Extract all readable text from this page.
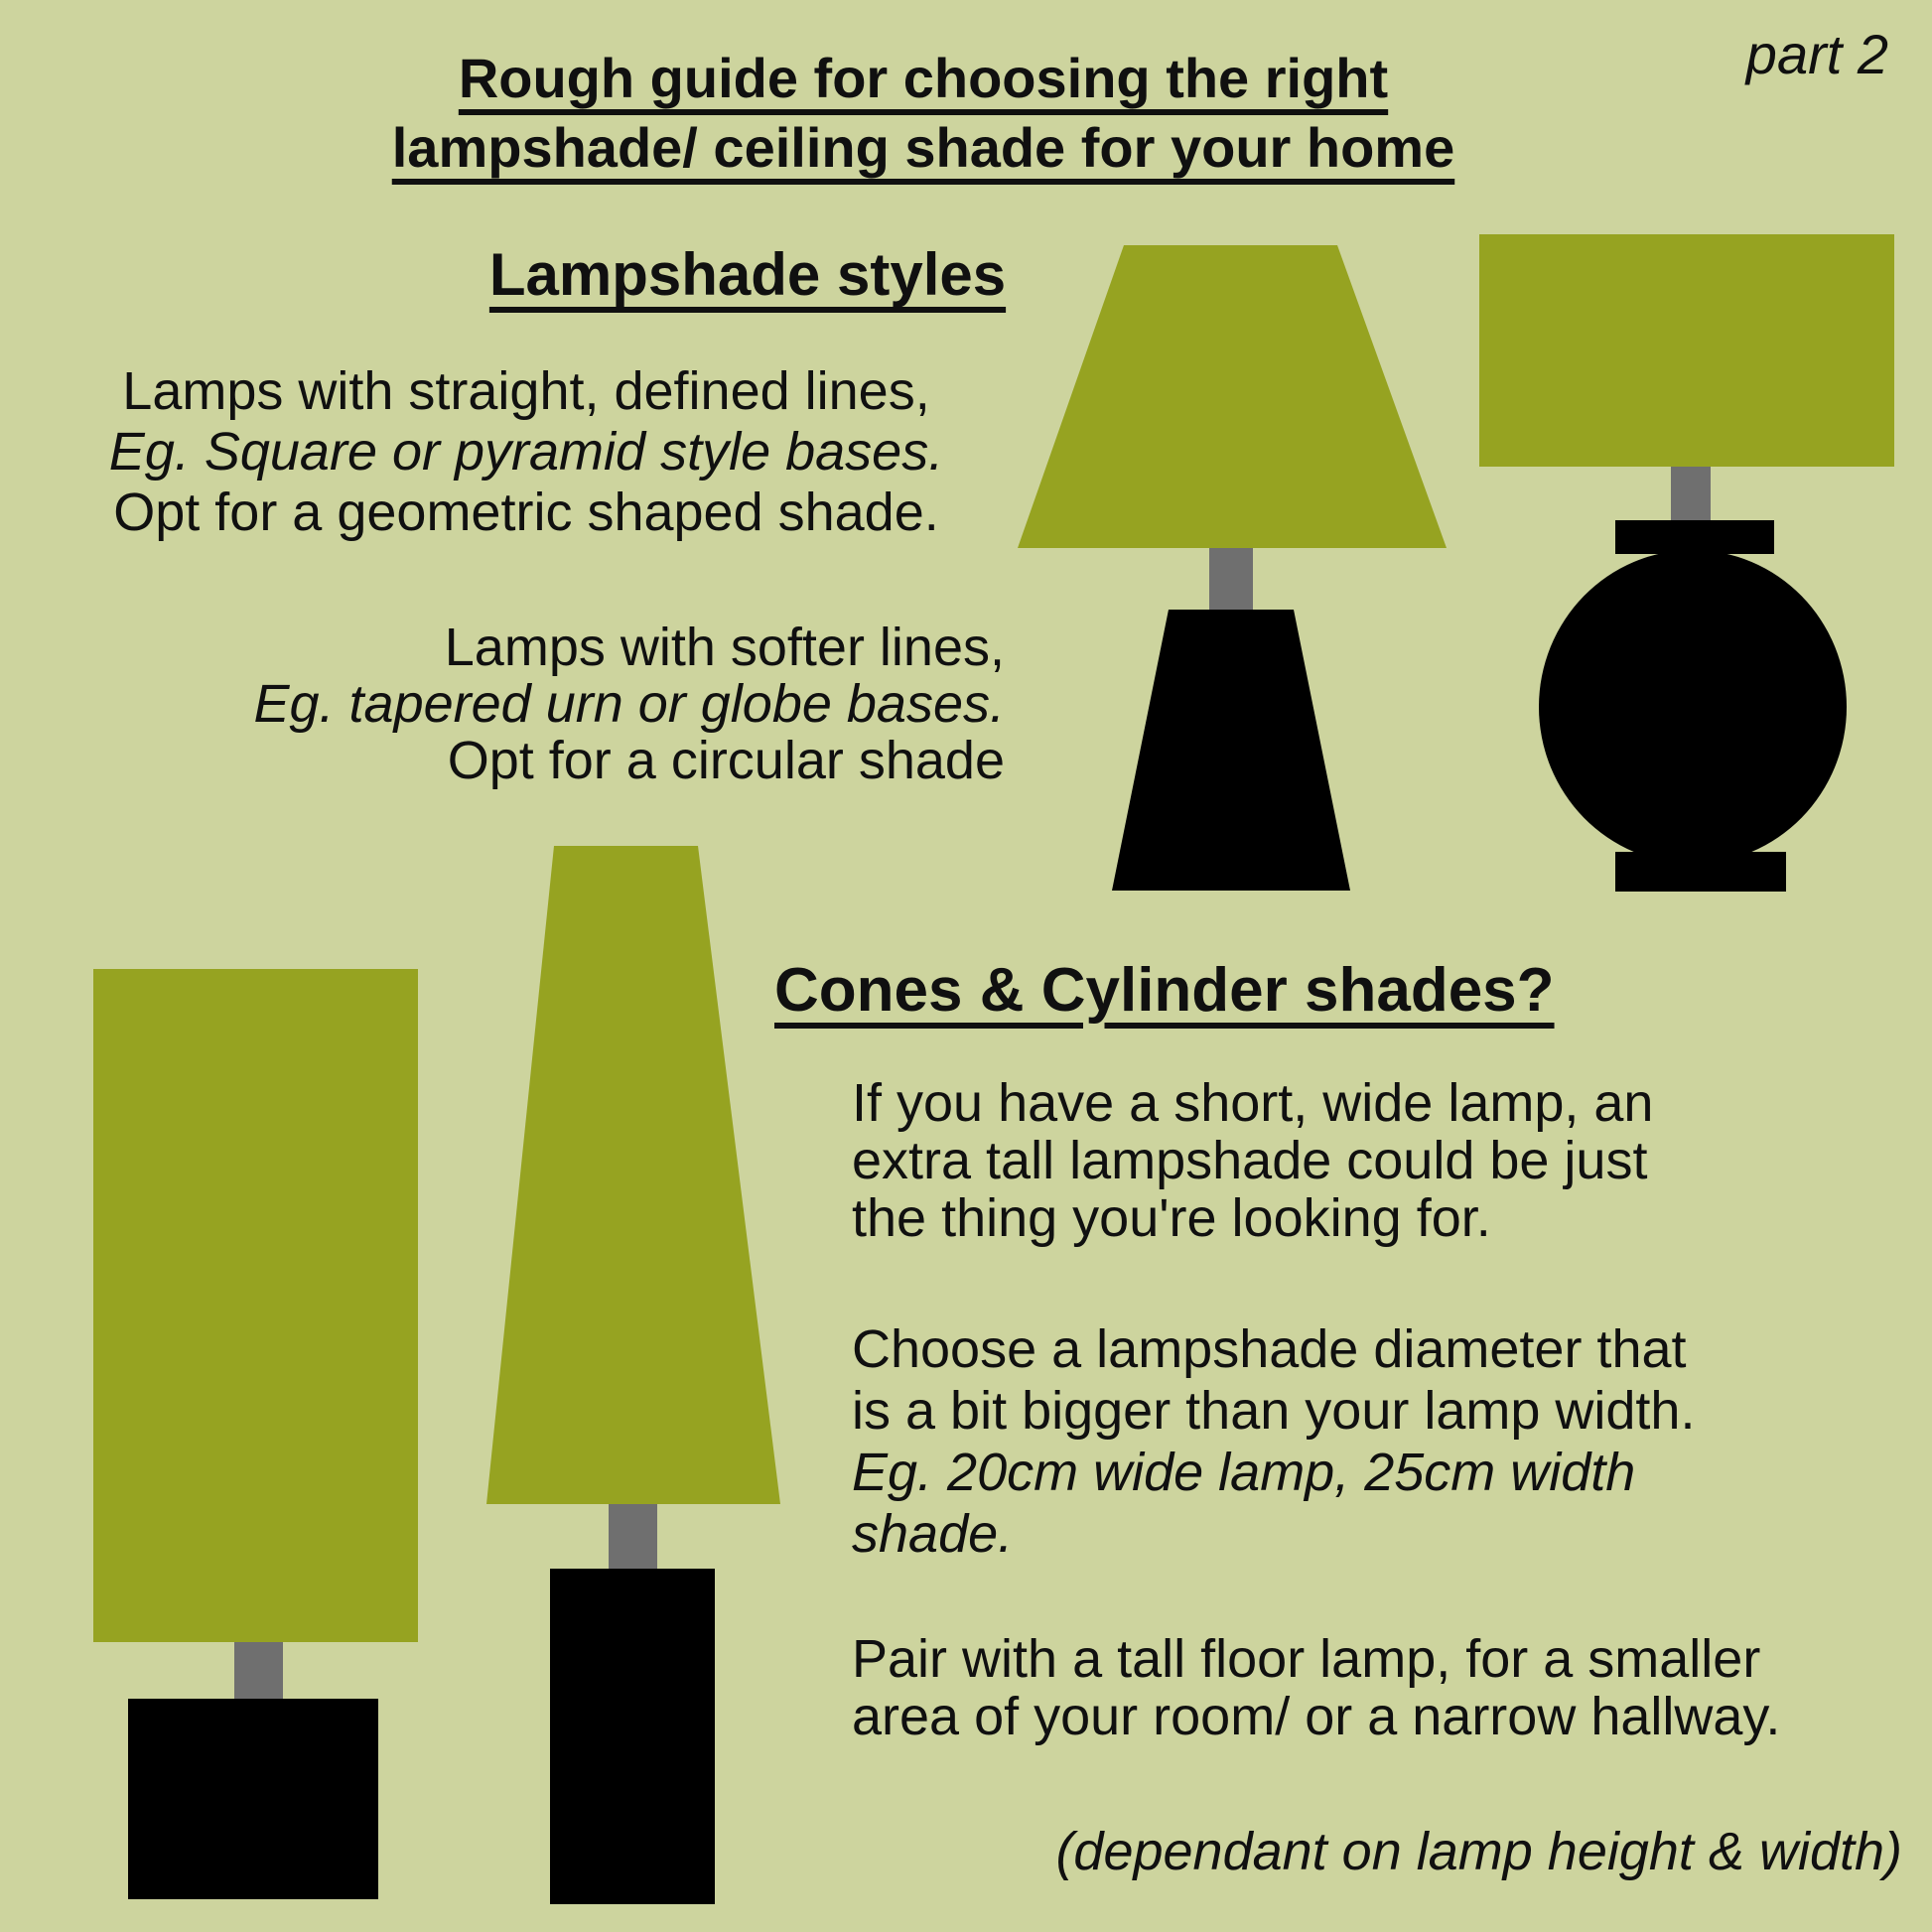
part 2
Rough guide for choosing the right
lampshade/ ceiling shade for your home
Lampshade styles
Lamps with straight, defined lines,
Eg. Square or pyramid style bases.
Opt for a geometric shaped shade.
Lamps with softer lines,
Eg. tapered urn or globe bases.
Opt for a circular shade
Cones & Cylinder shades?
If you have a short, wide lamp, an
extra tall lampshade could be just
the thing you're looking for.
Choose a lampshade diameter that
is a bit bigger than your lamp width.
Eg. 20cm wide lamp, 25cm width
shade.
Pair with a tall floor lamp, for a smaller
area of your room/ or a narrow hallway.
(dependant on lamp height & width)
